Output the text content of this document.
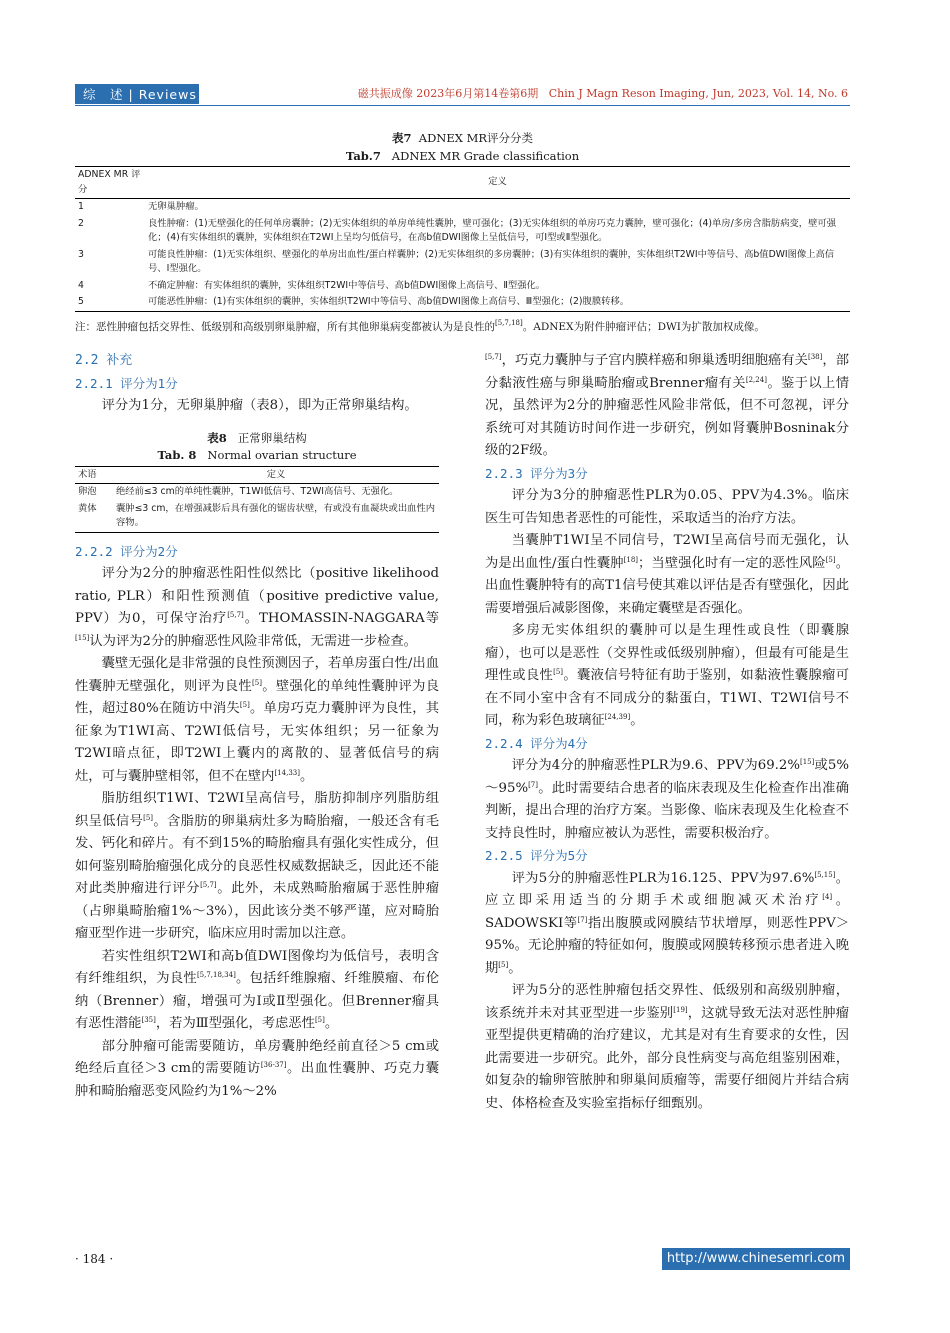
综　述 | Reviews	磁共振成像 2023年6月第14卷第6期 Chin J Magn Reson Imaging, Jun, 2023, Vol. 14, No. 6
表7 ADNEX MR评分分类
Tab.7 ADNEX MR Grade classification
ADNEX MR 评分	定义
1	无卵巢肿瘤。
2	良性肿瘤：(1)无壁强化的任何单房囊肿；(2)无实体组织的单房单纯性囊肿，壁可强化；(3)无实体组织的单房巧克力囊肿，壁可强化；(4)单房/多房含脂肪病变，壁可强化；(4)有实体组织的囊肿，实体组织在T2WI上呈均匀低信号，在高b值DWI图像上呈低信号，可Ⅰ型或Ⅱ型强化。
3	可能良性肿瘤：(1)无实体组织、壁强化的单房出血性/蛋白样囊肿；(2)无实体组织的多房囊肿；(3)有实体组织的囊肿，实体组织T2WI中等信号、高b值DWI图像上高信号、Ⅰ型强化。
4	不确定肿瘤：有实体组织的囊肿，实体组织T2WI中等信号、高b值DWI图像上高信号、Ⅱ型强化。
5	可能恶性肿瘤：(1)有实体组织的囊肿，实体组织T2WI中等信号、高b值DWI图像上高信号、Ⅲ型强化；(2)腹膜转移。
注：恶性肿瘤包括交界性、低级别和高级别卵巢肿瘤，所有其他卵巢病变都被认为是良性的[5,7,18]。ADNEX为附件肿瘤评估；DWI为扩散加权成像。
2.2 补充
2.2.1 评分为1分

评分为1分，无卵巢肿瘤（表8），即为正常卵巢结构。

表8 正常卵巢结构
Tab. 8 Normal ovarian structure
术语	定义
卵泡	绝经前≤3 cm的单纯性囊肿，T1WI低信号、T2WI高信号、无强化。
黄体	囊肿≤3 cm，在增强减影后具有强化的锯齿状壁，有或没有血凝块或出血性内容物。
2.2.2 评分为2分

评分为2分的肿瘤恶性阳性似然比（positive likelihood ratio, PLR）和阳性预测值（positive predictive value, PPV）为0，可保守治疗[5,7]。THOMASSIN-NAGGARA等[15]认为评为2分的肿瘤恶性风险非常低，无需进一步检查。

囊壁无强化是非常强的良性预测因子，若单房蛋白性/出血性囊肿无壁强化，则评为良性[5]。壁强化的单纯性囊肿评为良性，超过80%在随访中消失[5]。单房巧克力囊肿评为良性，其征象为T1WI高、T2WI低信号，无实体组织；另一征象为T2WI暗点征，即T2WI上囊内的离散的、显著低信号的病灶，可与囊肿壁相邻，但不在壁内[14,33]。

脂肪组织T1WI、T2WI呈高信号，脂肪抑制序列脂肪组织呈低信号[5]。含脂肪的卵巢病灶多为畸胎瘤，一般还含有毛发、钙化和碎片。有不到15%的畸胎瘤具有强化实性成分，但如何鉴别畸胎瘤强化成分的良恶性权威数据缺乏，因此还不能对此类肿瘤进行评分[5,7]。此外，未成熟畸胎瘤属于恶性肿瘤（占卵巢畸胎瘤1%～3%），因此该分类不够严谨，应对畸胎瘤亚型作进一步研究，临床应用时需加以注意。

若实性组织T2WI和高b值DWI图像均为低信号，表明含有纤维组织，为良性[5,7,18,34]。包括纤维腺瘤、纤维膜瘤、布伦纳（Brenner）瘤，增强可为Ⅰ或Ⅱ型强化。但Brenner瘤具有恶性潜能[35]，若为Ⅲ型强化，考虑恶性[5]。

部分肿瘤可能需要随访，单房囊肿绝经前直径＞5 cm或绝经后直径＞3 cm的需要随访[36-37]。出血性囊肿、巧克力囊肿和畸胎瘤恶变风险约为1%～2%

[5,7]，巧克力囊肿与子宫内膜样癌和卵巢透明细胞癌有关[38]，部分黏液性癌与卵巢畸胎瘤或Brenner瘤有关[2,24]。鉴于以上情况，虽然评为2分的肿瘤恶性风险非常低，但不可忽视，评分系统可对其随访时间作进一步研究，例如肾囊肿Bosninak分级的2F级。

2.2.3 评分为3分

评分为3分的肿瘤恶性PLR为0.05、PPV为4.3%。临床医生可告知患者恶性的可能性，采取适当的治疗方法。

当囊肿T1WI呈不同信号，T2WI呈高信号而无强化，认为是出血性/蛋白性囊肿[18]；当壁强化时有一定的恶性风险[5]。出血性囊肿特有的高T1信号使其难以评估是否有壁强化，因此需要增强后减影图像，来确定囊壁是否强化。

多房无实体组织的囊肿可以是生理性或良性（即囊腺瘤），也可以是恶性（交界性或低级别肿瘤），但最有可能是生理性或良性[5]。囊液信号特征有助于鉴别，如黏液性囊腺瘤可在不同小室中含有不同成分的黏蛋白，T1WI、T2WI信号不同，称为彩色玻璃征[24,39]。

2.2.4 评分为4分

评分为4分的肿瘤恶性PLR为9.6、PPV为69.2%[15]或5%～95%[7]。此时需要结合患者的临床表现及生化检查作出准确判断，提出合理的治疗方案。当影像、临床表现及生化检查不支持良性时，肿瘤应被认为恶性，需要积极治疗。

2.2.5 评分为5分

评为5分的肿瘤恶性PLR为16.125、PPV为97.6%[5,15]。应立即采用适当的分期手术或细胞减灭术治疗[4]。SADOWSKI等[7]指出腹膜或网膜结节状增厚，则恶性PPV＞95%。无论肿瘤的特征如何，腹膜或网膜转移预示患者进入晚期[5]。

评为5分的恶性肿瘤包括交界性、低级别和高级别肿瘤，该系统并未对其亚型进一步鉴别[19]，这就导致无法对恶性肿瘤亚型提供更精确的治疗建议，尤其是对有生育要求的女性，因此需要进一步研究。此外，部分良性病变与高危组鉴别困难，如复杂的输卵管脓肿和卵巢间质瘤等，需要仔细阅片并结合病史、体格检查及实验室指标仔细甄别。

· 184 ·	http://www.chinesemri.com
